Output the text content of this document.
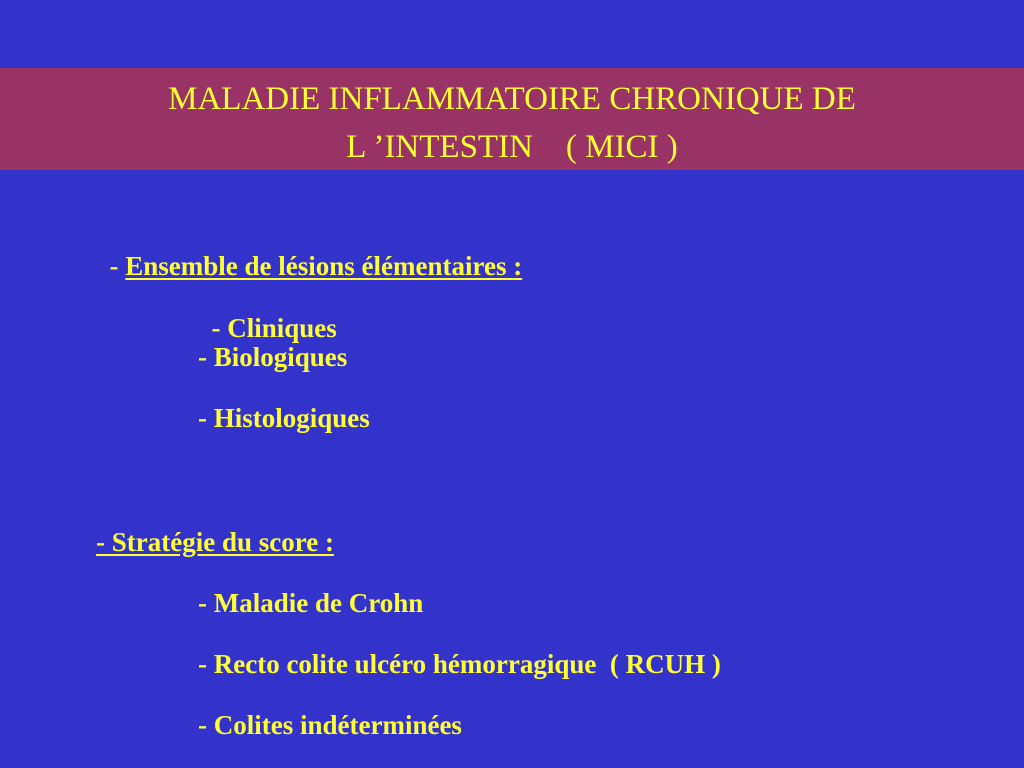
MALADIE INFLAMMATOIRE CHRONIQUE DE
L ’INTESTIN    ( MICI )

- Ensemble de lésions élémentaires :

- Cliniques

- Biologiques
- Histologiques
- Stratégie du score :
- Maladie de Crohn
- Recto colite ulcéro hémorragique  ( RCUH )
- Colites indéterminées
